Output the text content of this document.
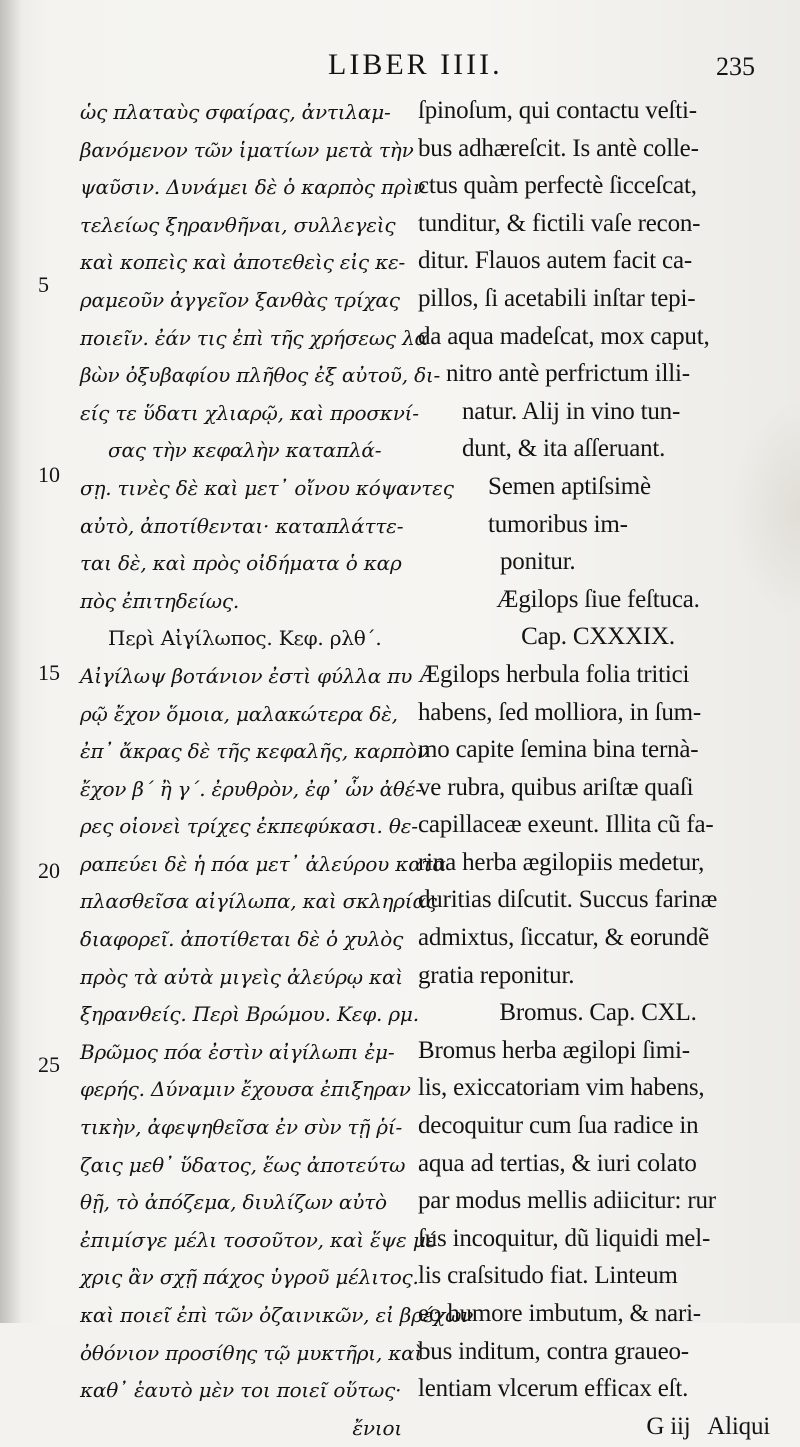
LIBER IIII.	235
5
10
15
20
25
ὡς πλαταὺς σφαίρας, ἀντιλαμ-
βανόμενον τῶν ἱματίων μετὰ τὴν
ψαῦσιν. Δυνάμει δὲ ὁ καρπὸς πρὶν
τελείως ξηρανθῆναι, συλλεγεὶς
καὶ κοπεὶς καὶ ἀποτεθεὶς εἰς κε-
ραμεοῦν ἀγγεῖον ξανθὰς τρίχας
ποιεῖν. ἐάν τις ἐπὶ τῆς χρήσεως λα
βὼν ὀξυβαφίου πλῆθος ἐξ αὐτοῦ, δι-
είς τε ὕδατι χλιαρῷ, καὶ προσκνί-
σας τὴν κεφαλὴν καταπλά-
σῃ. τινὲς δὲ καὶ μετ᾽ οἴνου κόψαντες
αὐτὸ, ἀποτίθενται· καταπλάττε-
ται δὲ, καὶ πρὸς οἰδήματα ὁ καρ
πὸς ἐπιτηδείως.
Περὶ Αἰγίλωπος. Κεφ. ρλθ΄.
Αἰγίλωψ βοτάνιον ἐστὶ φύλλα πυ
ρῷ ἔχον ὅμοια, μαλακώτερα δὲ,
ἐπ᾽ ἄκρας δὲ τῆς κεφαλῆς, καρπὸν
ἔχον β΄ ἢ γ΄. ἐρυθρὸν, ἐφ᾽ ὧν ἀθέ-
ρες οἱονεὶ τρίχες ἐκπεφύκασι. θε-
ραπεύει δὲ ἡ πόα μετ᾽ ἀλεύρου κατα
πλασθεῖσα αἰγίλωπα, καὶ σκληρίας
διαφορεῖ. ἀποτίθεται δὲ ὁ χυλὸς
πρὸς τὰ αὐτὰ μιγεὶς ἀλεύρῳ καὶ
ξηρανθείς. Περὶ Βρώμου. Κεφ. ρμ.
Βρῶμος πόα ἐστὶν αἰγίλωπι ἐμ-
φερής. Δύναμιν ἔχουσα ἐπιξηραν
τικὴν, ἀφεψηθεῖσα ἐν σὺν τῇ ῥί-
ζαις μεθ᾽ ὕδατος, ἕως ἀποτεύτω
θῇ, τὸ ἀπόζεμα, διυλίζων αὐτὸ
ἐπιμίσγε μέλι τοσοῦτον, καὶ ἕψε μέ
χρις ἂν σχῇ πάχος ὑγροῦ μέλιτος.
καὶ ποιεῖ ἐπὶ τῶν ὀζαινικῶν, εἰ βρέχων
ὀθόνιον προσίθης τῷ μυκτῆρι, καὶ
καθ᾽ ἑαυτὸ μὲν τοι ποιεῖ οὕτως·
ἔνιοι
ſpinoſum, qui contactu veſti-
bus adhæreſcit. Is antè colle-
ctus quàm perfectè ſicceſcat,
tunditur, & fictili vaſe recon-
ditur. Flauos autem facit ca-
pillos, ſi acetabili inſtar tepi-
da aqua madeſcat, mox caput,
nitro antè perfrictum illi-
natur. Alij in vino tun-
dunt, & ita aſſeruant.
Semen aptiſsimè
tumoribus im-
ponitur.
Ægilops ſiue feſtuca.
Cap. CXXXIX.
Ægilops herbula folia tritici
habens, ſed molliora, in ſum-
mo capite ſemina bina ternà-
ve rubra, quibus ariſtæ quaſi
capillaceæ exeunt. Illita cũ fa-
rina herba ægilopiis medetur,
duritias diſcutit. Succus farinæ
admixtus, ſiccatur, & eorundẽ
gratia reponitur.
Bromus. Cap. CXL.
Bromus herba ægilopi ſimi-
lis, exiccatoriam vim habens,
decoquitur cum ſua radice in
aqua ad tertias, & iuri colato
par modus mellis adiicitur: rur
ſus incoquitur, dũ liquidi mel-
lis craſsitudo fiat. Linteum
eo humore imbutum, & nari-
bus inditum, contra graueo-
lentiam vlcerum efficax eſt.
G iij   Aliqui
